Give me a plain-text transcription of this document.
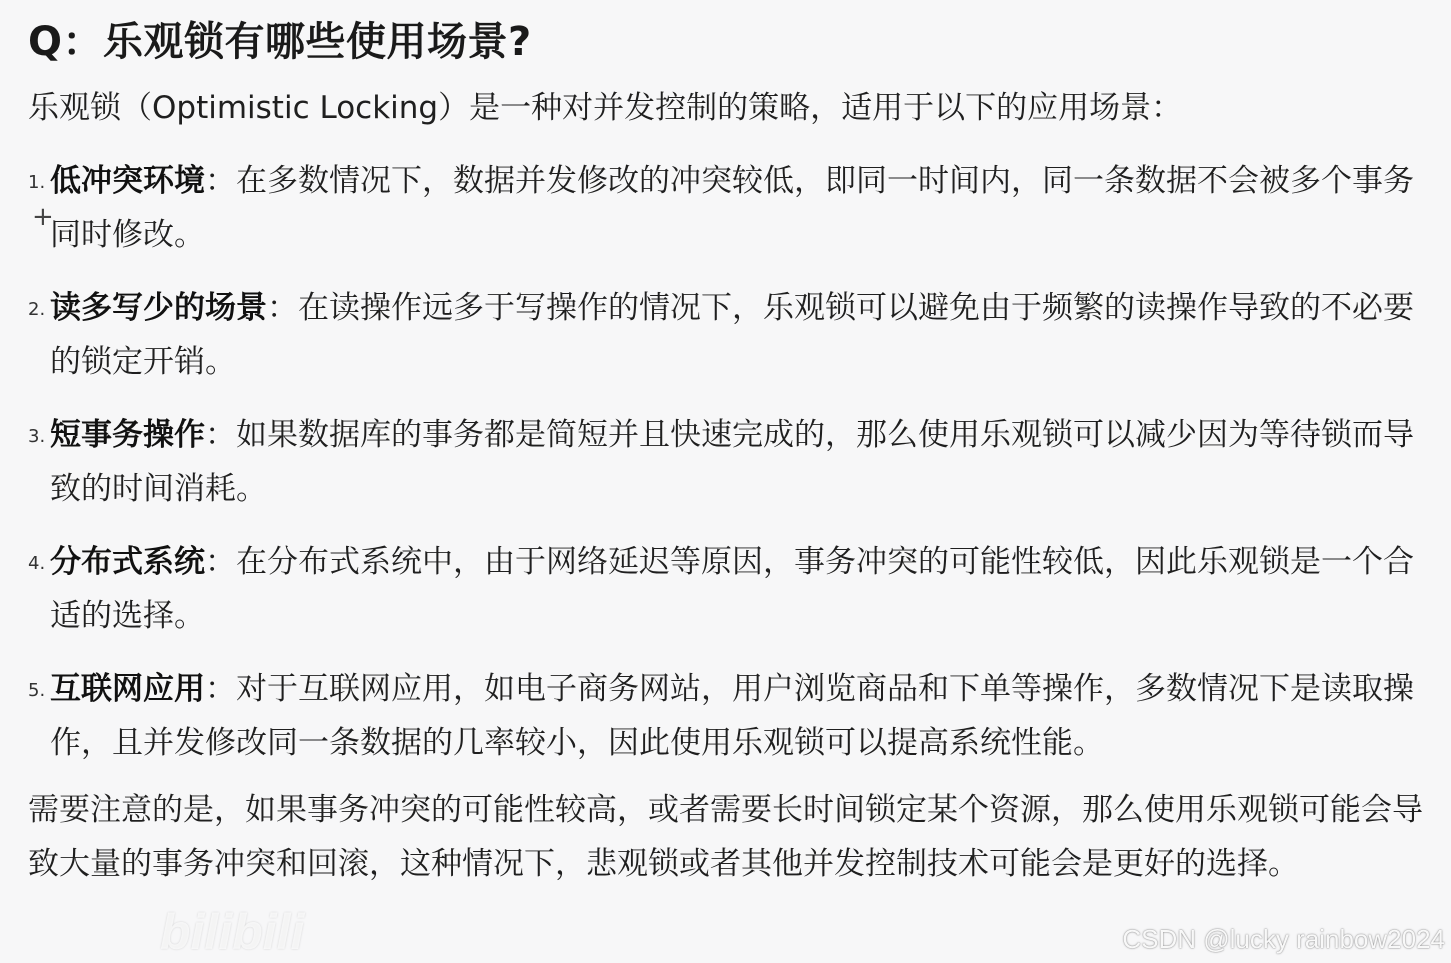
Q：乐观锁有哪些使用场景?
乐观锁（Optimistic Locking）是一种对并发控制的策略，适用于以下的应用场景：
1. 低冲突环境：在多数情况下，数据并发修改的冲突较低，即同一时间内，同一条数据不会被多个事务同时修改。
2. 读多写少的场景：在读操作远多于写操作的情况下，乐观锁可以避免由于频繁的读操作导致的不必要的锁定开销。
3. 短事务操作：如果数据库的事务都是简短并且快速完成的，那么使用乐观锁可以减少因为等待锁而导致的时间消耗。
4. 分布式系统：在分布式系统中，由于网络延迟等原因，事务冲突的可能性较低，因此乐观锁是一个合适的选择。
5. 互联网应用：对于互联网应用，如电子商务网站，用户浏览商品和下单等操作，多数情况下是读取操作，且并发修改同一条数据的几率较小，因此使用乐观锁可以提高系统性能。
需要注意的是，如果事务冲突的可能性较高，或者需要长时间锁定某个资源，那么使用乐观锁可能会导致大量的事务冲突和回滚，这种情况下，悲观锁或者其他并发控制技术可能会是更好的选择。
+
bilibili	CSDN @lucky rainbow2024
